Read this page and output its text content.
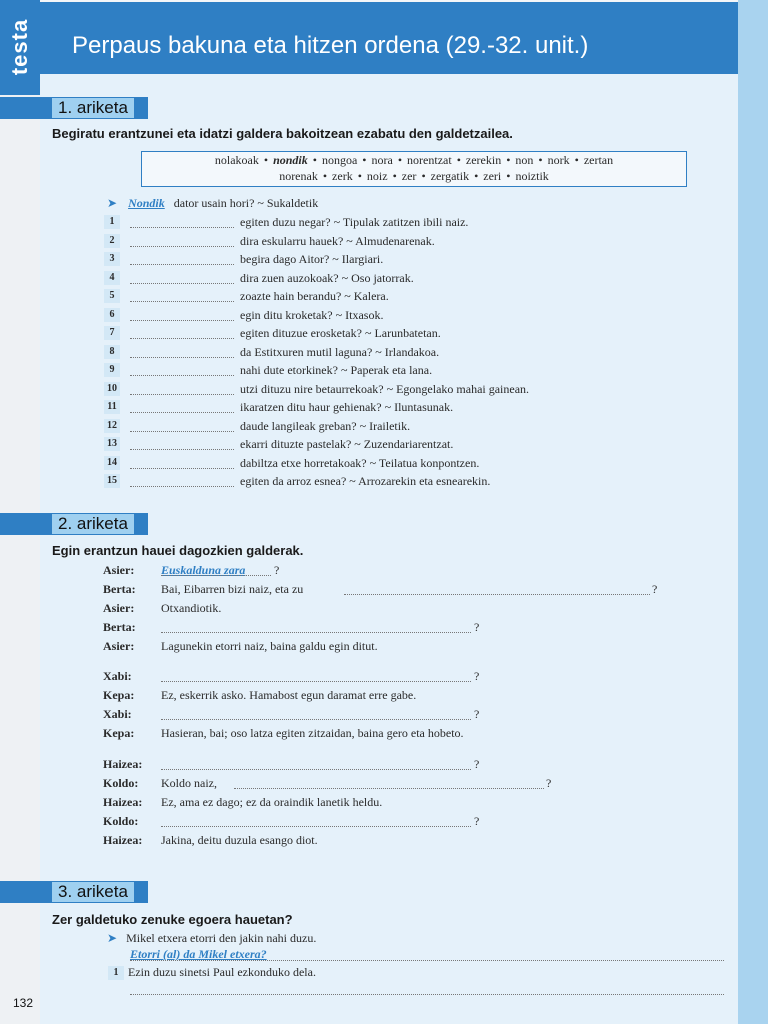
testa Perpaus bakuna eta hitzen ordena (29.-32. unit.)
1. ariketa
Begiratu erantzunei eta idatzi galdera bakoitzean ezabatu den galdetzailea.
nolakoak • nondik • nongoa • nora • norentzat • zerekin • non • nork • zertan
norenak • zerk • noiz • zer • zergatik • zeri • noiztik
➤ Nondik dator usain hori? ~ Sukaldetik
1	egiten duzu negar? ~ Tipulak zatitzen ibili naiz.
2	dira eskularru hauek? ~ Almudenarenak.
3	begira dago Aitor? ~ Ilargiari.
4	dira zuen auzokoak? ~ Oso jatorrak.
5	zoazte hain berandu? ~ Kalera.
6	egin ditu kroketak? ~ Itxasok.
7	egiten dituzue erosketak? ~ Larunbatetan.
8	da Estitxuren mutil laguna? ~ Irlandakoa.
9	nahi dute etorkinek? ~ Paperak eta lana.
10	utzi dituzu nire betaurrekoak? ~ Egongelako mahai gainean.
11	ikaratzen ditu haur gehienak? ~ Iluntasunak.
12	daude langileak greban? ~ Irailetik.
13	ekarri dituzte pastelak? ~ Zuzendariarentzat.
14	dabiltza etxe horretakoak? ~ Teilatua konpontzen.
15	egiten da arroz esnea? ~ Arrozarekin eta esnearekin.
2. ariketa
Egin erantzun hauei dagozkien galderak.
Asier: Euskalduna zara ?
Berta: Bai, Eibarren bizi naiz, eta zu	?
Asier: Otxandiotik.
Berta:	?
Asier: Lagunekin etorri naiz, baina galdu egin ditut.
Xabi:	?
Kepa: Ez, eskerrik asko. Hamabost egun daramat erre gabe.
Xabi:	?
Kepa: Hasieran, bai; oso latza egiten zitzaidan, baina gero eta hobeto.
Haizea:	?
Koldo: Koldo naiz,	?
Haizea: Ez, ama ez dago; ez da oraindik lanetik heldu.
Koldo:	?
Haizea: Jakina, deitu duzula esango diot.
3. ariketa
Zer galdetuko zenuke egoera hauetan?
➤ Mikel etxera etorri den jakin nahi duzu.
Etorri (al) da Mikel etxera?
1 Ezin duzu sinetsi Paul ezkonduko dela.
132
